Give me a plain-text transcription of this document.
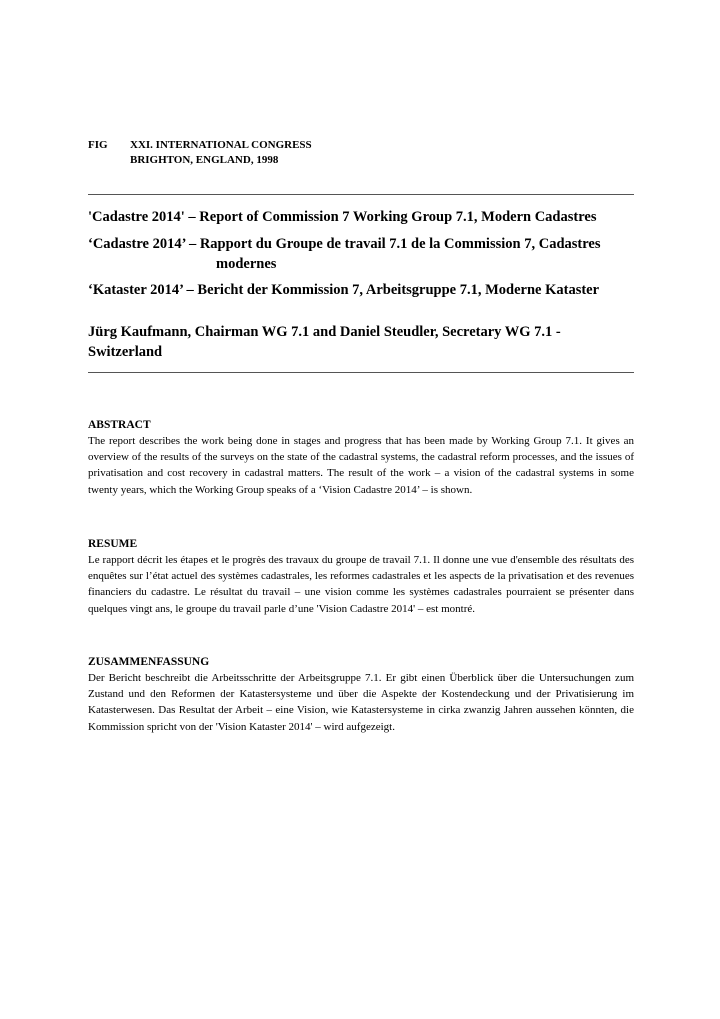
FIG XXI. INTERNATIONAL CONGRESS
BRIGHTON, ENGLAND, 1998
'Cadastre 2014' – Report of Commission 7 Working Group 7.1, Modern Cadastres
‘Cadastre 2014’ – Rapport du Groupe de travail 7.1 de la Commission 7, Cadastres
modernes
‘Kataster 2014’ – Bericht der Kommission 7, Arbeitsgruppe 7.1, Moderne Kataster
Jürg Kaufmann, Chairman WG 7.1 and Daniel Steudler, Secretary WG 7.1 - Switzerland
ABSTRACT
The report describes the work being done in stages and progress that has been made by Working Group 7.1. It gives an overview of the results of the surveys on the state of the cadastral systems, the cadastral reform processes, and the issues of privatisation and cost recovery in cadastral matters. The result of the work – a vision of the cadastral systems in some twenty years, which the Working Group speaks of a ‘Vision Cadastre 2014’ – is shown.
RESUME
Le rapport décrit les étapes et le progrès des travaux du groupe de travail 7.1. Il donne une vue d'ensemble des résultats des enquêtes sur l’état actuel des systèmes cadastrales, les reformes cadastrales et les aspects de la privatisation et des revenues financiers du cadastre. Le résultat du travail – une vision comme les systèmes cadastrales pourraient se présenter dans quelques vingt ans, le groupe du travail parle d’une 'Vision Cadastre 2014' – est montré.
ZUSAMMENFASSUNG
Der Bericht beschreibt die Arbeitsschritte der Arbeitsgruppe 7.1. Er gibt einen Überblick über die Untersuchungen zum Zustand und den Reformen der Katastersysteme und über die Aspekte der Kostendeckung und der Privatisierung im Katasterwesen. Das Resultat der Arbeit – eine Vision, wie Katastersysteme in cirka zwanzig Jahren aussehen könnten, die Kommission spricht von der 'Vision Kataster 2014' – wird aufgezeigt.
